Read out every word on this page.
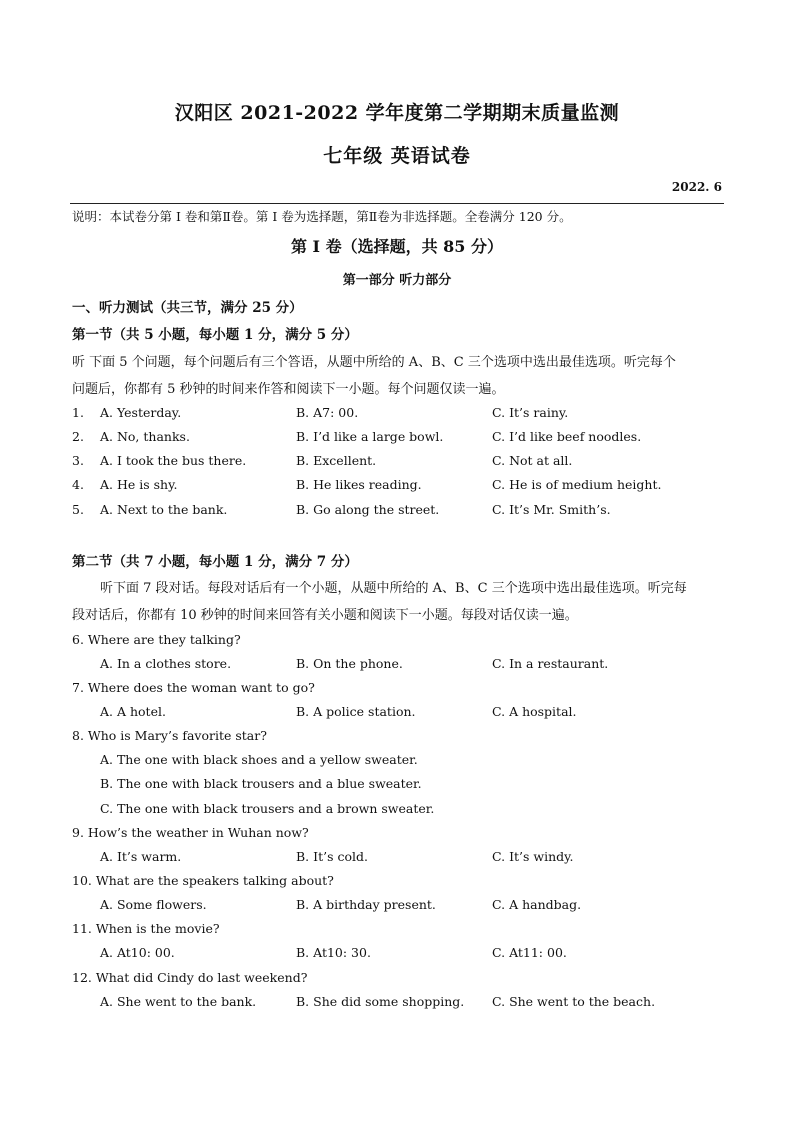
汉阳区 2021-2022 学年度第二学期期末质量监测
七年级 英语试卷
2022. 6
说明：本试卷分第 I 卷和第Ⅱ卷。第 I 卷为选择题，第Ⅱ卷为非选择题。全卷满分 120 分。
第 I 卷（选择题，共 85 分）
第一部分 听力部分
一、听力测试（共三节，满分 25 分）
第一节（共 5 小题，每小题 1 分，满分 5 分）
听 下面 5 个问题，每个问题后有三个答语，从题中所给的 A、B、C 三个选项中选出最佳选项。听完每个
问题后，你都有 5 秒钟的时间来作答和阅读下一小题。每个问题仅读一遍。
1. A. Yesterday.	B. A7: 00.	C. It’s rainy.
2. A. No, thanks.	B. I’d like a large bowl.	C. I’d like beef noodles.
3. A. I took the bus there.	B. Excellent.	C. Not at all.
4. A. He is shy.	B. He likes reading.	C. He is of medium height.
5. A. Next to the bank.	B. Go along the street.	C. It’s Mr. Smith’s.
第二节（共 7 小题，每小题 1 分，满分 7 分）
听下面 7 段对话。每段对话后有一个小题，从题中所给的 A、B、C 三个选项中选出最佳选项。听完每
段对话后，你都有 10 秒钟的时间来回答有关小题和阅读下一小题。每段对话仅读一遍。
6. Where are they talking?
A. In a clothes store.	B. On the phone.	C. In a restaurant.
7. Where does the woman want to go?
A. A hotel.	B. A police station.	C. A hospital.
8. Who is Mary’s favorite star?
A. The one with black shoes and a yellow sweater.
B. The one with black trousers and a blue sweater.
C. The one with black trousers and a brown sweater.
9. How’s the weather in Wuhan now?
A. It’s warm.	B. It’s cold.	C. It’s windy.
10. What are the speakers talking about?
A. Some flowers.	B. A birthday present.	C. A handbag.
11. When is the movie?
A. At10: 00.	B. At10: 30.	C. At11: 00.
12. What did Cindy do last weekend?
A. She went to the bank.	B. She did some shopping. C. She went to the beach.
